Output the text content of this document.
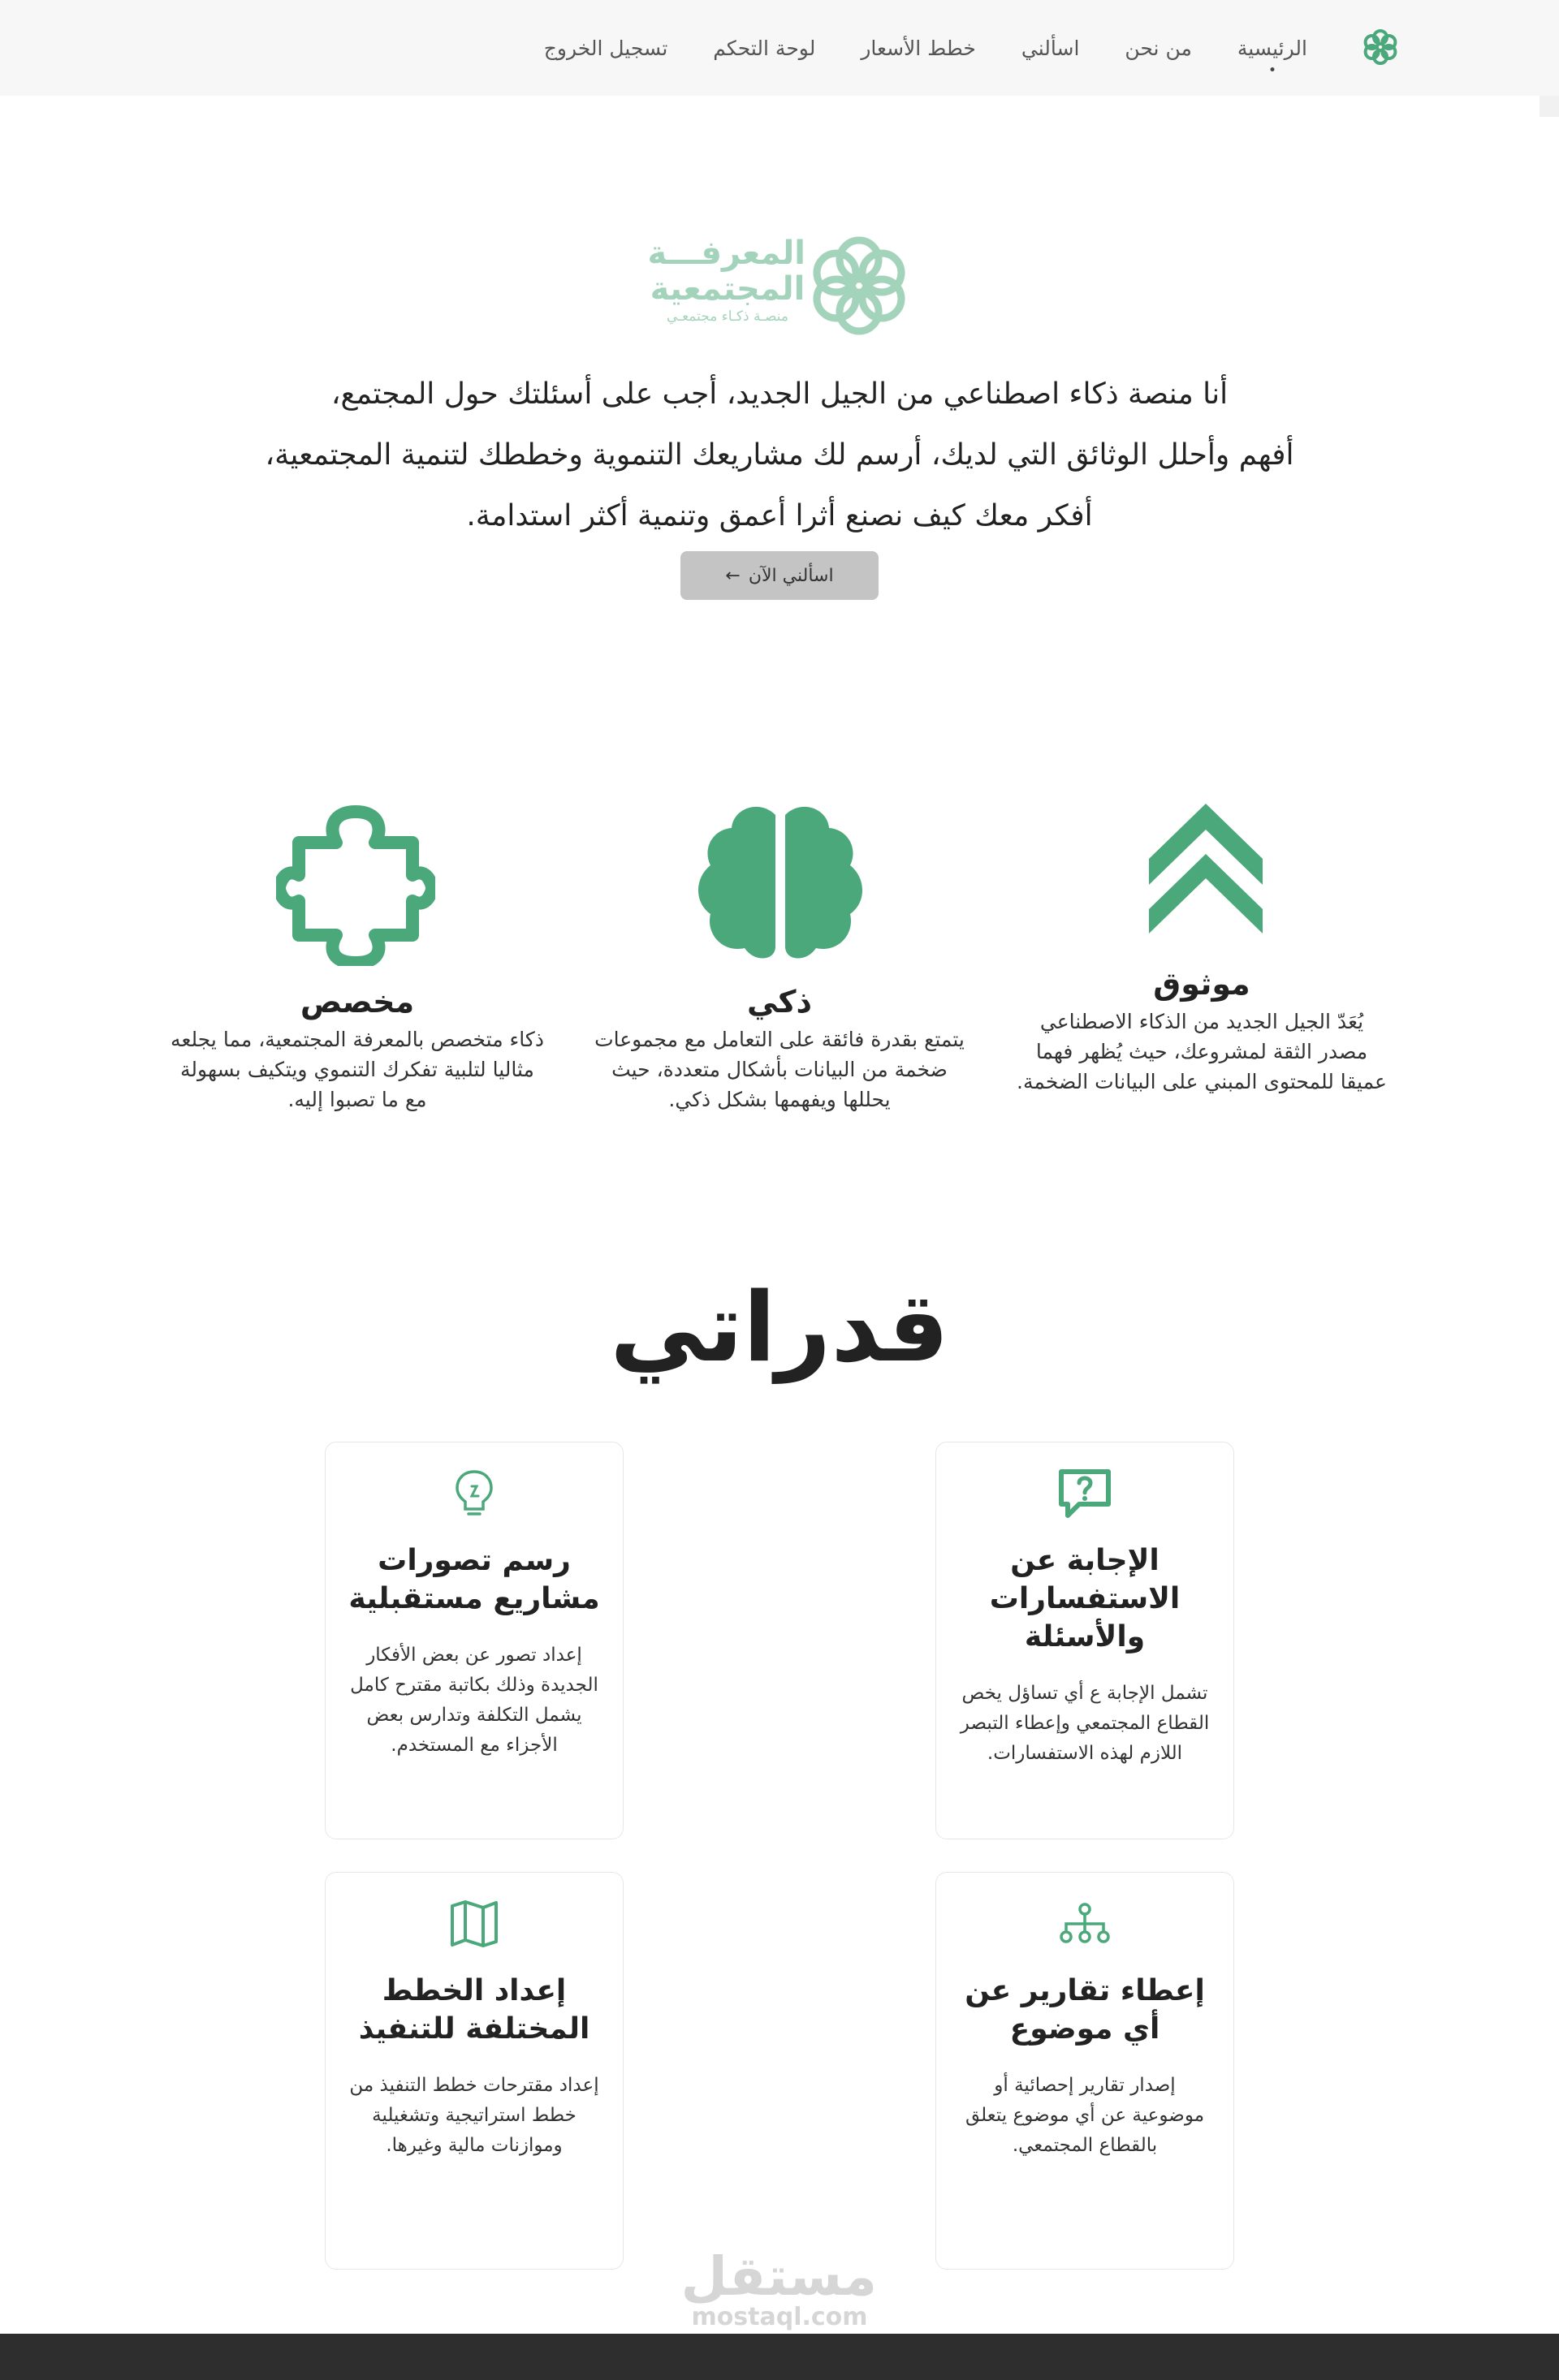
الرئيسية
من نحن
اسألني
خطط الأسعار
لوحة التحكم
تسجيل الخروج
المعرفـــة
المجتمعية
منصـة ذكـاء مجتمعـي

أنا منصة ذكاء اصطناعي من الجيل الجديد، أجب على أسئلتك حول المجتمع،

أفهم وأحلل الوثائق التي لديك، أرسم لك مشاريعك التنموية وخططك لتنمية المجتمعية،

أفكر معك كيف نصنع أثرا أعمق وتنمية أكثر استدامة.

اسألني الآن
←
موثوق

يُعَدّ الجيل الجديد من الذكاء الاصطناعي مصدر الثقة لمشروعك، حيث يُظهر فهما عميقا للمحتوى المبني على البيانات الضخمة.

ذكي

يتمتع بقدرة فائقة على التعامل مع مجموعات ضخمة من البيانات بأشكال متعددة، حيث يحللها ويفهمها بشكل ذكي.

مخصص

ذكاء متخصص بالمعرفة المجتمعية، مما يجلعه مثاليا لتلبية تفكرك التنموي ويتكيف بسهولة مع ما تصبوا إليه.

قدراتي
الإجابة عن الاستفسارات والأسئلة

تشمل الإجابة ع أي تساؤل يخص القطاع المجتمعي وإعطاء التبصر اللازم لهذه الاستفسارات.

رسم تصورات مشاريع مستقبلية

إعداد تصور عن بعض الأفكار الجديدة وذلك بكاتبة مقترح كامل يشمل التكلفة وتدارس بعض الأجزاء مع المستخدم.

إعطاء تقارير عن أي موضوع

إصدار تقارير إحصائية أو موضوعية عن أي موضوع يتعلق بالقطاع المجتمعي.

إعداد الخطط المختلفة للتنفيذ

إعداد مقترحات خطط التنفيذ من خطط استراتيجية وتشغيلية وموازنات مالية وغيرها.

مستقل
mostaql.com
